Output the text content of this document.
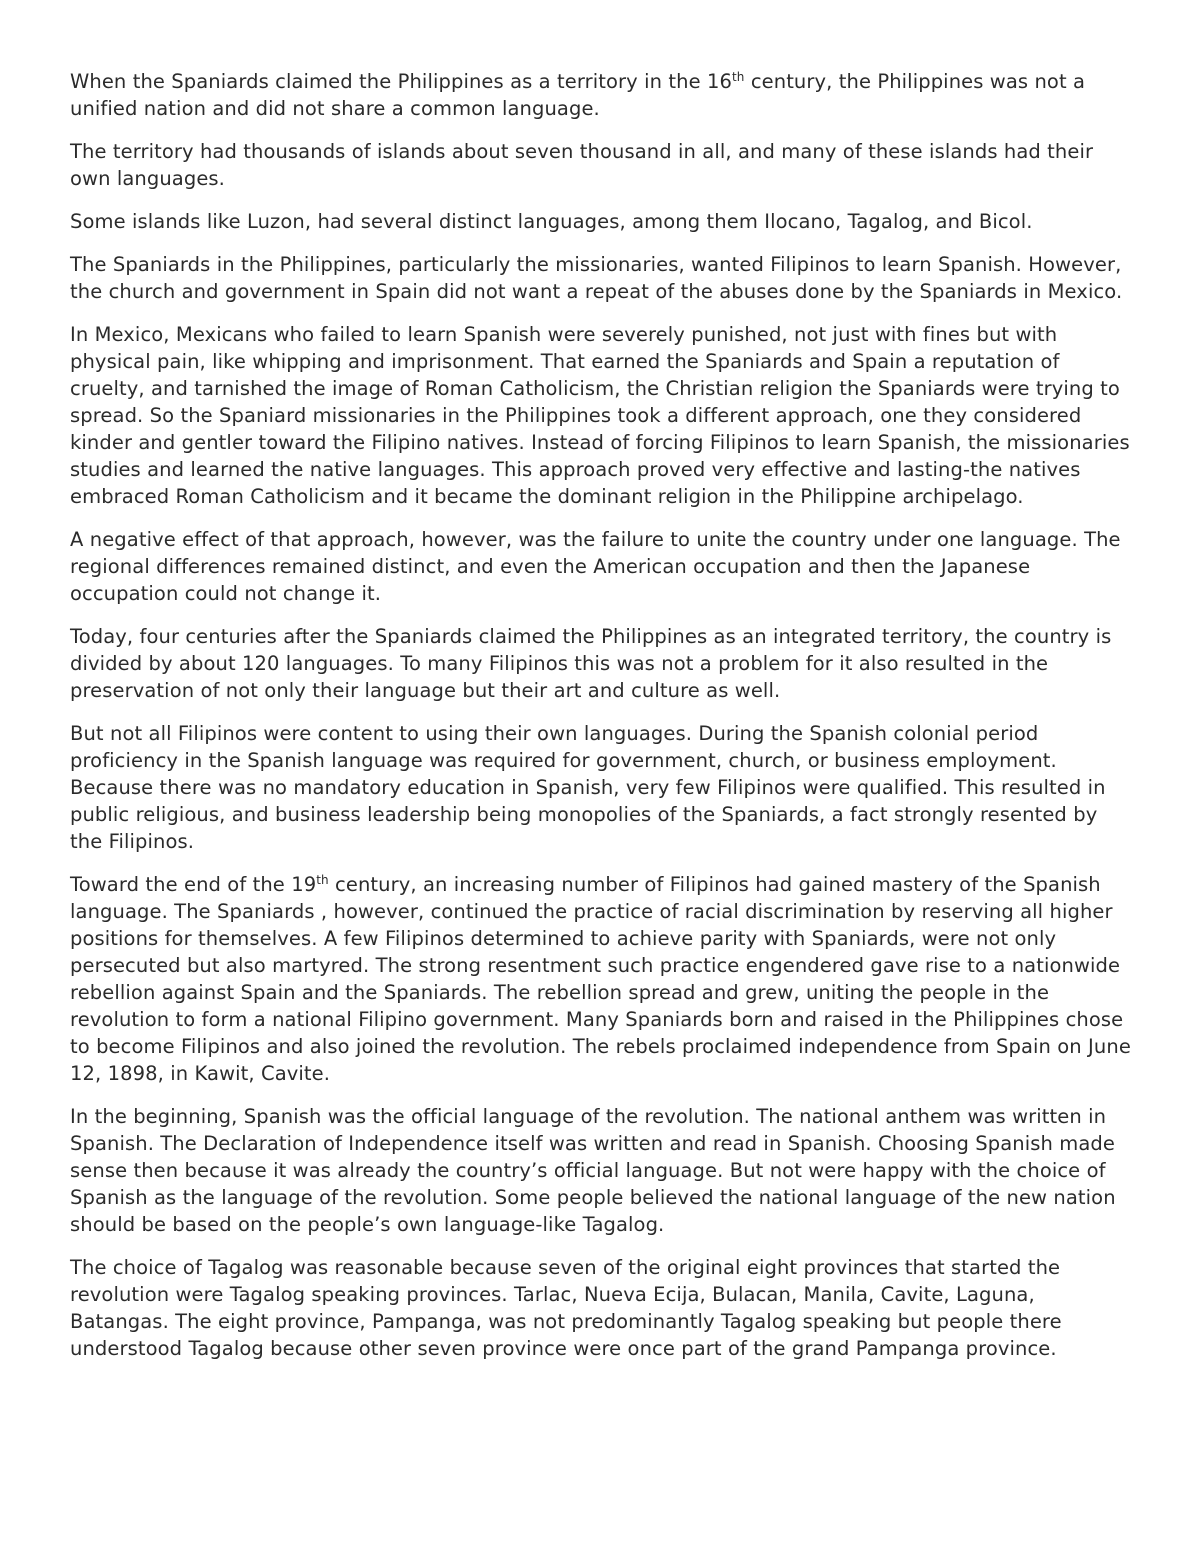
When the Spaniards claimed the Philippines as a territory in the 16th century, the Philippines was not a unified nation and did not share a common language.

The territory had thousands of islands about seven thousand in all, and many of these islands had their own languages.

Some islands like Luzon, had several distinct languages, among them Ilocano, Tagalog, and Bicol.

The Spaniards in the Philippines, particularly the missionaries, wanted Filipinos to learn Spanish. However, the church and government in Spain did not want a repeat of the abuses done by the Spaniards in Mexico.

In Mexico, Mexicans who failed to learn Spanish were severely punished, not just with fines but with physical pain, like whipping and imprisonment. That earned the Spaniards and Spain a reputation of cruelty, and tarnished the image of Roman Catholicism, the Christian religion the Spaniards were trying to spread. So the Spaniard missionaries in the Philippines took a different approach, one they considered kinder and gentler toward the Filipino natives. Instead of forcing Filipinos to learn Spanish, the missionaries studies and learned the native languages. This approach proved very effective and lasting-the natives embraced Roman Catholicism and it became the dominant religion in the Philippine archipelago.

A negative effect of that approach, however, was the failure to unite the country under one language. The regional differences remained distinct, and even the American occupation and then the Japanese occupation could not change it.

Today, four centuries after the Spaniards claimed the Philippines as an integrated territory, the country is divided by about 120 languages. To many Filipinos this was not a problem for it also resulted in the preservation of not only their language but their art and culture as well.

But not all Filipinos were content to using their own languages. During the Spanish colonial period proficiency in the Spanish language was required for government, church, or business employment. Because there was no mandatory education in Spanish, very few Filipinos were qualified. This resulted in public religious, and business leadership being monopolies of the Spaniards, a fact strongly resented by the Filipinos.

Toward the end of the 19th century, an increasing number of Filipinos had gained mastery of the Spanish language. The Spaniards , however, continued the practice of racial discrimination by reserving all higher positions for themselves. A few Filipinos determined to achieve parity with Spaniards, were not only persecuted but also martyred. The strong resentment such practice engendered gave rise to a nationwide rebellion against Spain and the Spaniards. The rebellion spread and grew, uniting the people in the revolution to form a national Filipino government. Many Spaniards born and raised in the Philippines chose to become Filipinos and also joined the revolution. The rebels proclaimed independence from Spain on June 12, 1898, in Kawit, Cavite.

In the beginning, Spanish was the official language of the revolution. The national anthem was written in Spanish. The Declaration of Independence itself was written and read in Spanish. Choosing Spanish made sense then because it was already the country’s official language. But not were happy with the choice of Spanish as the language of the revolution. Some people believed the national language of the new nation should be based on the people’s own language-like Tagalog.

The choice of Tagalog was reasonable because seven of the original eight provinces that started the revolution were Tagalog speaking provinces. Tarlac, Nueva Ecija, Bulacan, Manila, Cavite, Laguna, Batangas. The eight province, Pampanga, was not predominantly Tagalog speaking but people there understood Tagalog because other seven province were once part of the grand Pampanga province.
